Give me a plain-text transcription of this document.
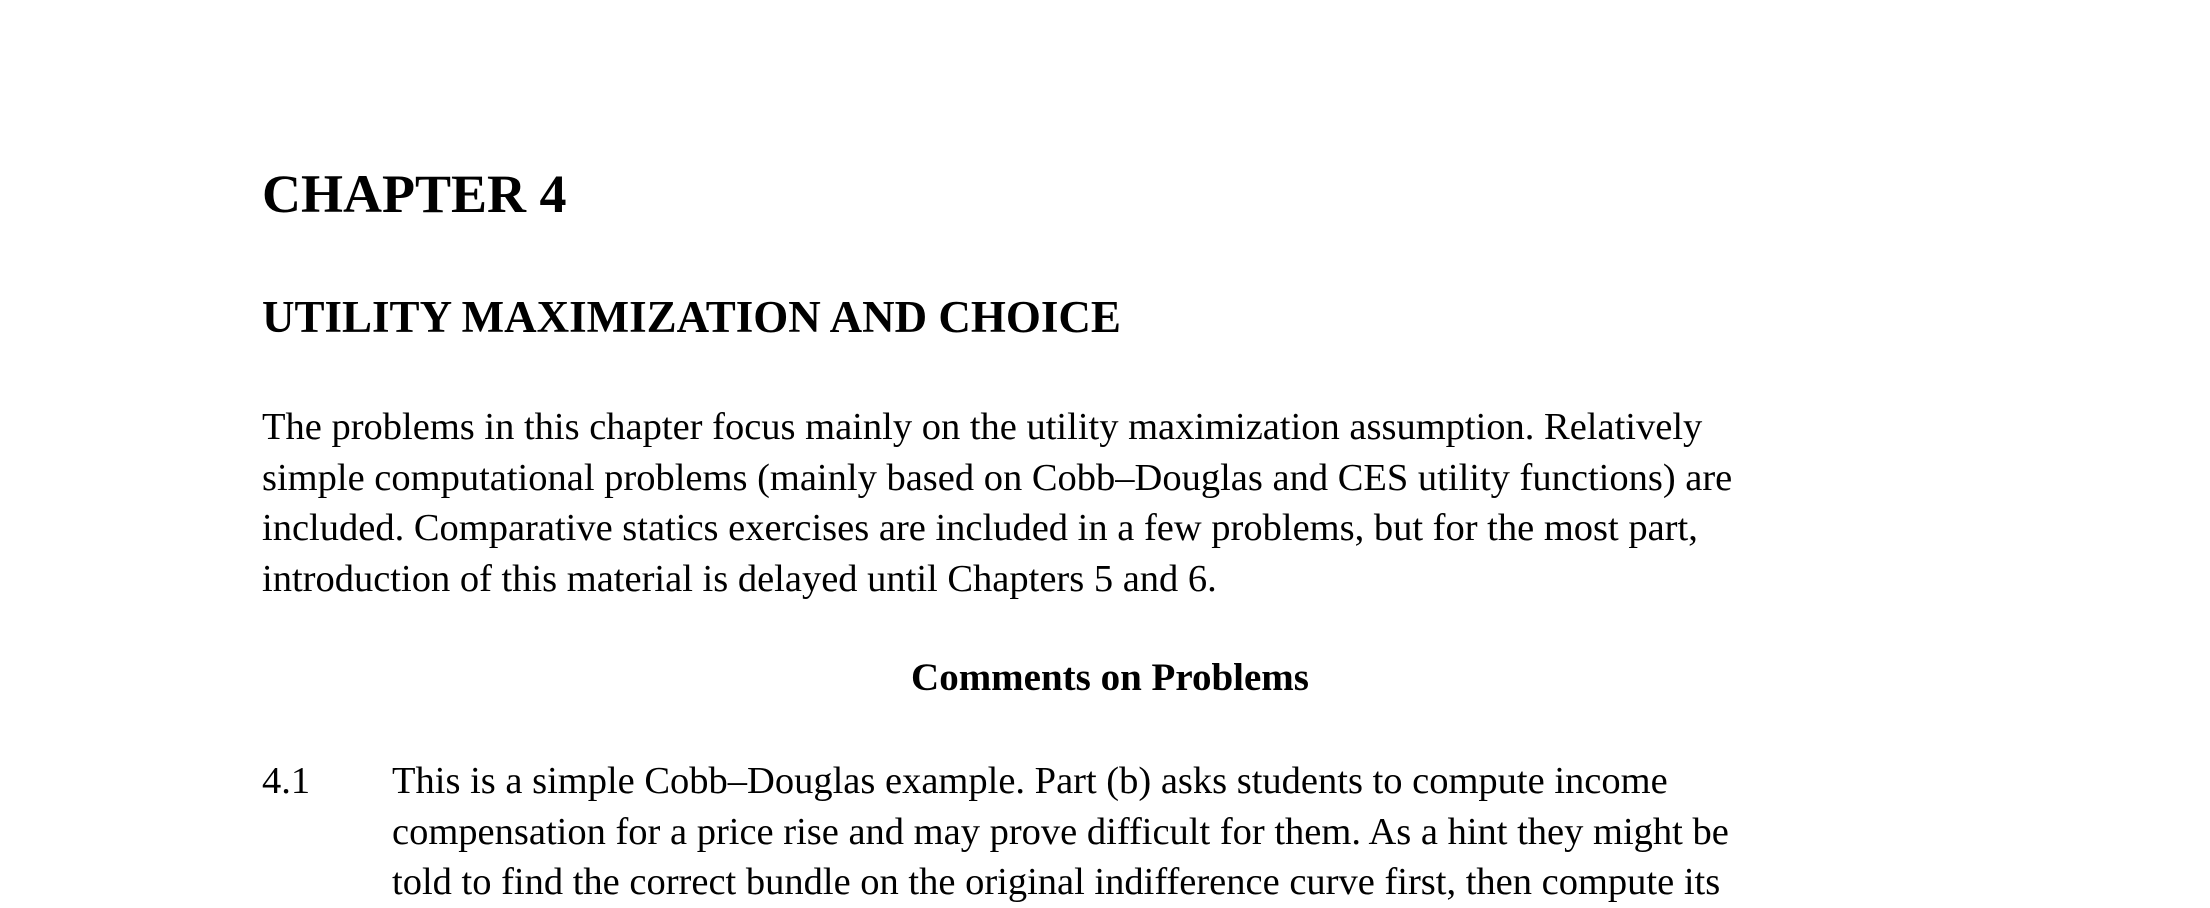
CHAPTER 4
UTILITY MAXIMIZATION AND CHOICE
The problems in this chapter focus mainly on the utility maximization assumption. Relatively
simple computational problems (mainly based on Cobb–Douglas and CES utility functions) are
included. Comparative statics exercises are included in a few problems, but for the most part,
introduction of this material is delayed until Chapters 5 and 6.
Comments on Problems
4.1 This is a simple Cobb–Douglas example. Part (b) asks students to compute income
compensation for a price rise and may prove difficult for them. As a hint they might be
told to find the correct bundle on the original indifference curve first, then compute its
